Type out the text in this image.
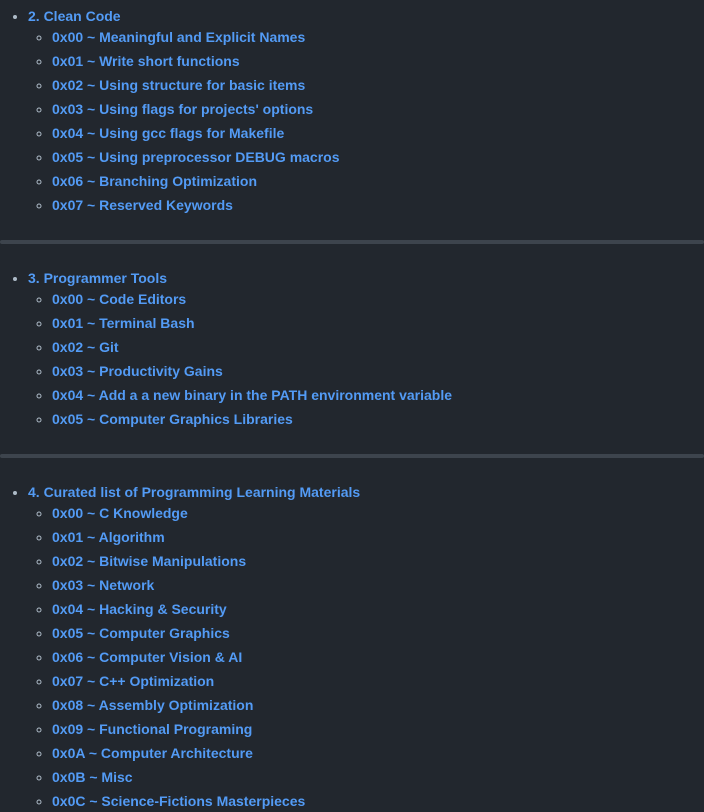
• 2. Clean Code
◦ 0x00 ~ Meaningful and Explicit Names
◦ 0x01 ~ Write short functions
◦ 0x02 ~ Using structure for basic items
◦ 0x03 ~ Using flags for projects' options
◦ 0x04 ~ Using gcc flags for Makefile
◦ 0x05 ~ Using preprocessor DEBUG macros
◦ 0x06 ~ Branching Optimization
◦ 0x07 ~ Reserved Keywords
• 3. Programmer Tools
◦ 0x00 ~ Code Editors
◦ 0x01 ~ Terminal Bash
◦ 0x02 ~ Git
◦ 0x03 ~ Productivity Gains
◦ 0x04 ~ Add a a new binary in the PATH environment variable
◦ 0x05 ~ Computer Graphics Libraries
• 4. Curated list of Programming Learning Materials
◦ 0x00 ~ C Knowledge
◦ 0x01 ~ Algorithm
◦ 0x02 ~ Bitwise Manipulations
◦ 0x03 ~ Network
◦ 0x04 ~ Hacking & Security
◦ 0x05 ~ Computer Graphics
◦ 0x06 ~ Computer Vision & AI
◦ 0x07 ~ C++ Optimization
◦ 0x08 ~ Assembly Optimization
◦ 0x09 ~ Functional Programing
◦ 0x0A ~ Computer Architecture
◦ 0x0B ~ Misc
◦ 0x0C ~ Science-Fictions Masterpieces
